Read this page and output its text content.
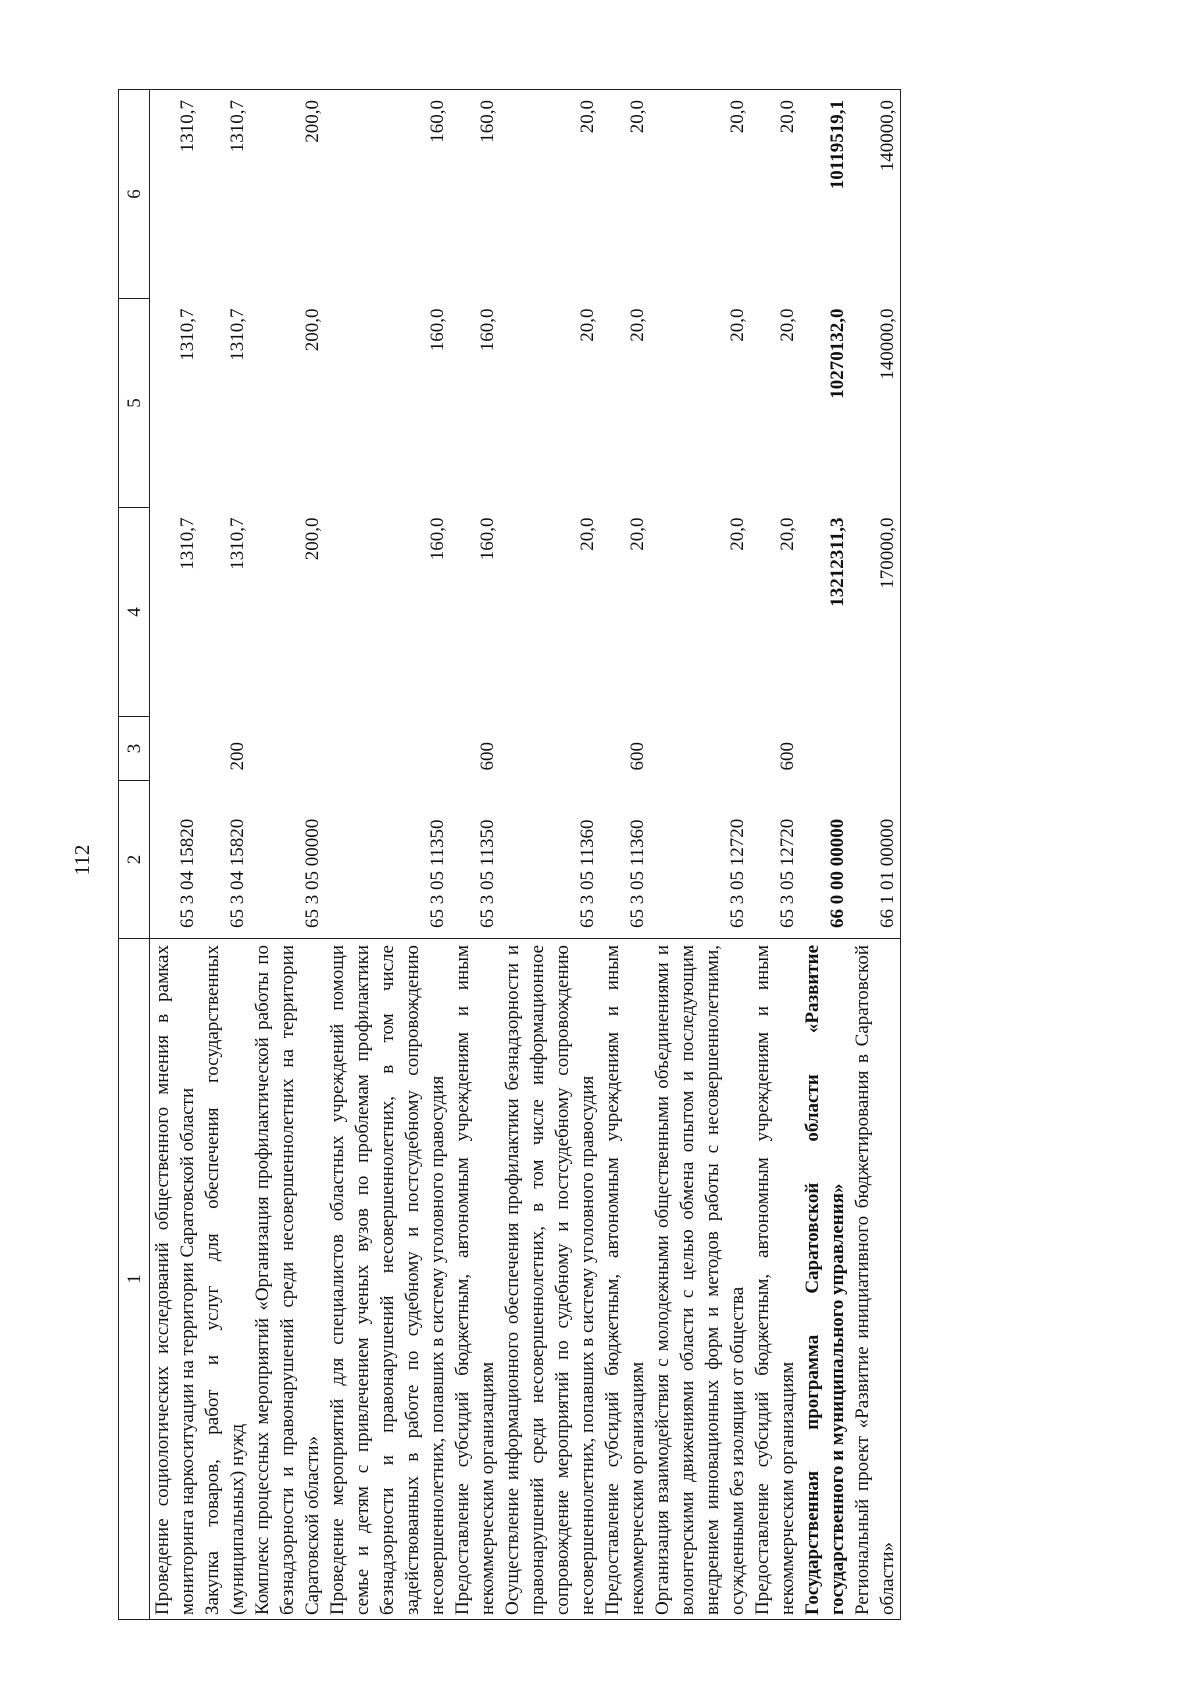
112
1	2	3	4	5	6
Проведение социологических исследований общественного мнения в рамках мониторинга наркоситуации на территории Саратовской области	65 3 04 15820		1310,7	1310,7	1310,7
Закупка товаров, работ и услуг для обеспечения государственных (муниципальных) нужд	65 3 04 15820	200	1310,7	1310,7	1310,7
Комплекс процессных мероприятий «Организация профилактической работы по безнадзорности и правонарушений среди несовершеннолетних на территории Саратовской области»	65 3 05 00000		200,0	200,0	200,0
Проведение мероприятий для специалистов областных учреждений помощи семье и детям с привлечением ученых вузов по проблемам профилактики безнадзорности и правонарушений несовершеннолетних, в том числе задействованных в работе по судебному и постсудебному сопровождению несовершеннолетних, попавших в систему уголовного правосудия	65 3 05 11350		160,0	160,0	160,0
Предоставление субсидий бюджетным, автономным учреждениям и иным некоммерческим организациям	65 3 05 11350	600	160,0	160,0	160,0
Осуществление информационного обеспечения профилактики безнадзорности и правонарушений среди несовершеннолетних, в том числе информационное сопровождение мероприятий по судебному и постсудебному сопровождению несовершеннолетних, попавших в систему уголовного правосудия	65 3 05 11360		20,0	20,0	20,0
Предоставление субсидий бюджетным, автономным учреждениям и иным некоммерческим организациям	65 3 05 11360	600	20,0	20,0	20,0
Организация взаимодействия с молодежными общественными объединениями и волонтерскими движениями области с целью обмена опытом и последующим внедрением инновационных форм и методов работы с несовершеннолетними, осужденными без изоляции от общества	65 3 05 12720		20,0	20,0	20,0
Предоставление субсидий бюджетным, автономным учреждениям и иным некоммерческим организациям	65 3 05 12720	600	20,0	20,0	20,0
Государственная программа Саратовской области «Развитие государственного и муниципального управления»	66 0 00 00000		13212311,3	10270132,0	10119519,1
Региональный проект «Развитие инициативного бюджетирования в Саратовской области»	66 1 01 00000		170000,0	140000,0	140000,0
